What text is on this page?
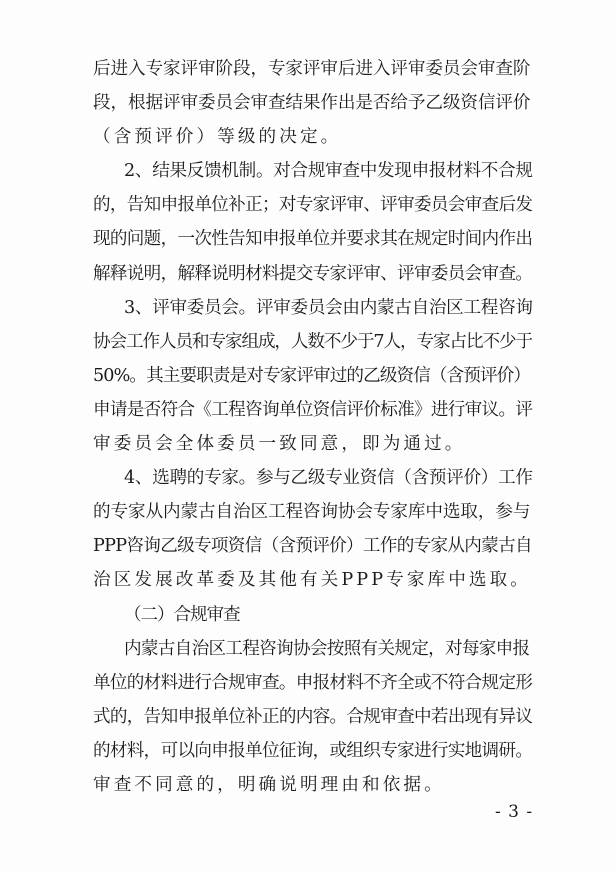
后进入专家评审阶段，专家评审后进入评审委员会审查阶
段，根据评审委员会审查结果作出是否给予乙级资信评价
（含预评价）等级的决定。
2、结果反馈机制。对合规审查中发现申报材料不合规
的，告知申报单位补正；对专家评审、评审委员会审查后发
现的问题，一次性告知申报单位并要求其在规定时间内作出
解释说明，解释说明材料提交专家评审、评审委员会审查。
3、评审委员会。评审委员会由内蒙古自治区工程咨询
协会工作人员和专家组成，人数不少于7人，专家占比不少于
50%。其主要职责是对专家评审过的乙级资信（含预评价）
申请是否符合《工程咨询单位资信评价标准》进行审议。评
审委员会全体委员一致同意，即为通过。
4、选聘的专家。参与乙级专业资信（含预评价）工作
的专家从内蒙古自治区工程咨询协会专家库中选取，参与
PPP咨询乙级专项资信（含预评价）工作的专家从内蒙古自
治区发展改革委及其他有关PPP专家库中选取。
（二）合规审查
内蒙古自治区工程咨询协会按照有关规定，对每家申报
单位的材料进行合规审查。申报材料不齐全或不符合规定形
式的，告知申报单位补正的内容。合规审查中若出现有异议
的材料，可以向申报单位征询，或组织专家进行实地调研。
审查不同意的，明确说明理由和依据。
- 3 -
